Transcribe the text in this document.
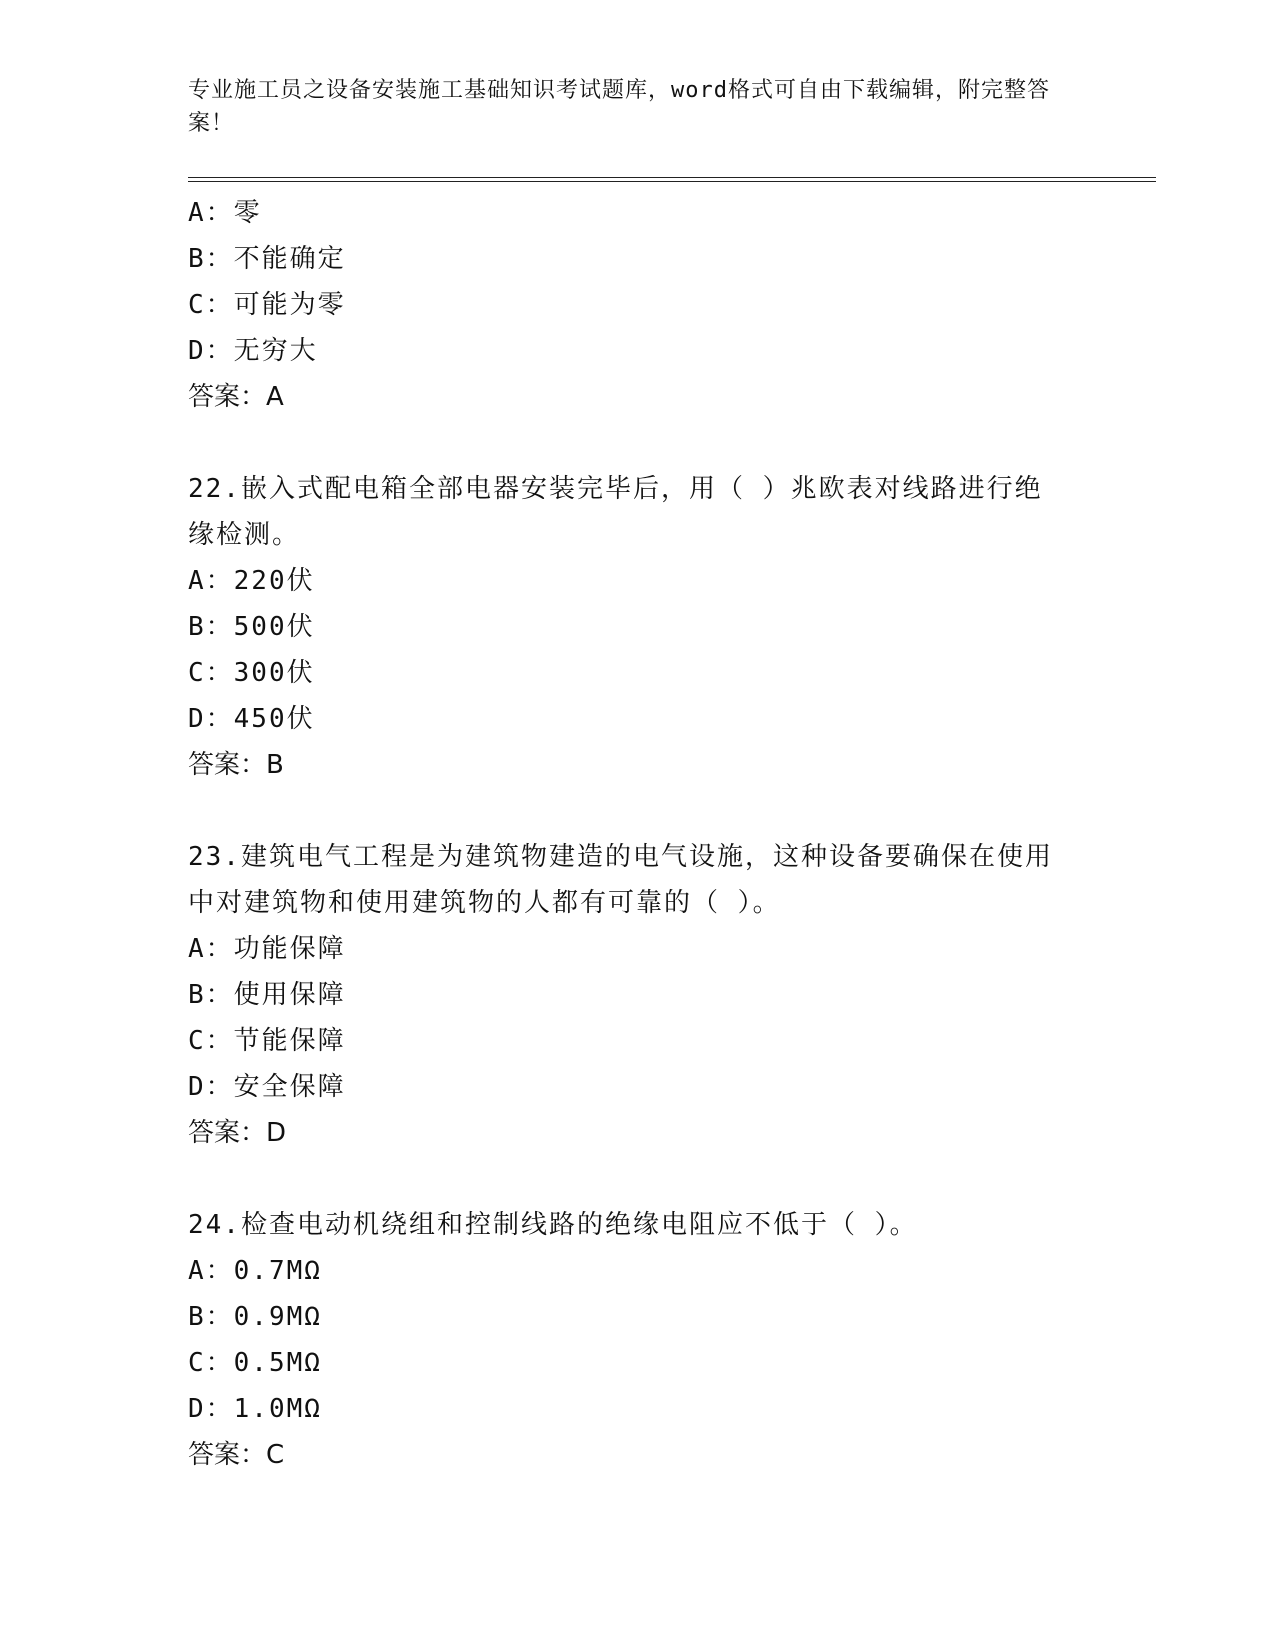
专业施工员之设备安装施工基础知识考试题库，word格式可自由下载编辑，附完整答案！
A：零
B：不能确定
C：可能为零
D：无穷大
答案：A
22.嵌入式配电箱全部电器安装完毕后，用（ ）兆欧表对线路进行绝缘检测。
A：220伏
B：500伏
C：300伏
D：450伏
答案：B
23.建筑电气工程是为建筑物建造的电气设施，这种设备要确保在使用中对建筑物和使用建筑物的人都有可靠的（ ）。
A：功能保障
B：使用保障
C：节能保障
D：安全保障
答案：D
24.检查电动机绕组和控制线路的绝缘电阻应不低于（ ）。
A：0.7MΩ
B：0.9MΩ
C：0.5MΩ
D：1.0MΩ
答案：C
